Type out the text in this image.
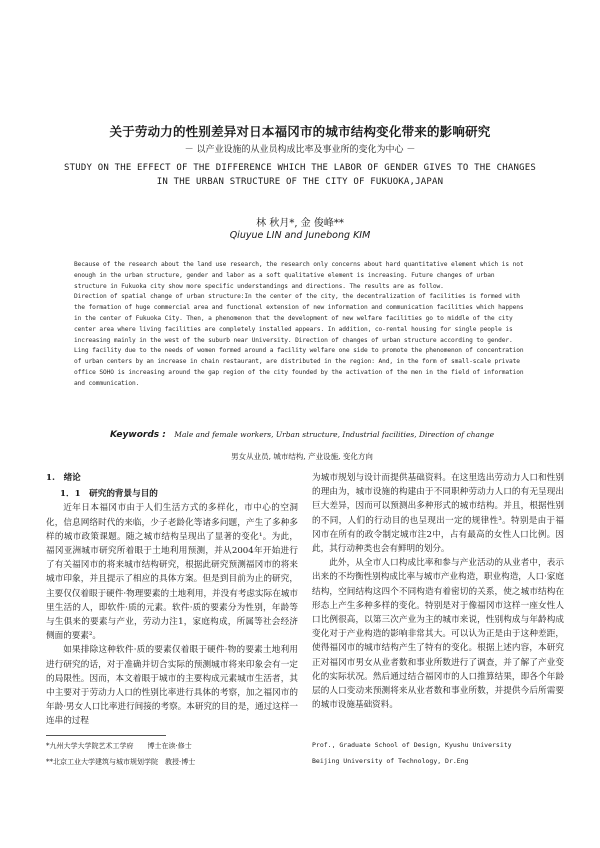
关于劳动力的性别差异对日本福冈市的城市结构变化带来的影响研究
－ 以产业设施的从业员构成比率及事业所的变化为中心 －
STUDY ON THE EFFECT OF THE DIFFERENCE WHICH THE LABOR OF GENDER GIVES TO THE CHANGES
IN THE URBAN STRUCTURE OF THE CITY OF FUKUOKA,JAPAN
林 秋月*, 金 俊峰**
Qiuyue LIN and Junebong KIM

Because of the research about the land use research, the research only concerns about hard quantitative element which is not enough in the urban structure, gender and labor as a soft qualitative element is increasing. Future changes of urban structure in Fukuoka city show more specific understandings and directions. The results are as follow.

Direction of spatial change of urban structure:In the center of the city, the decentralization of facilities is formed with the formation of huge commercial area and functional extension of new information and communication facilities which happens in the center of Fukuoka City. Then, a phenomenon that the development of new welfare facilities go to middle of the city center area where living facilities are completely installed appears. In addition, co-rental housing for single people is increasing mainly in the west of the suburb near University. Direction of changes of urban structure according to gender. Ling facility due to the needs of women formed around a facility welfare one side to promote the phenomenon of concentration of urban centers by an increase in chain restaurant, are distributed in the region: And, in the form of small-scale private office SOHO is increasing around the gap region of the city founded by the activation of the men in the field of information and communication.

Keywords : Male and female workers, Urban structure, Industrial facilities, Direction of change
男女从业员, 城市结构, 产业设施, 变化方向

1.　绪论

1．1　研究的背景与目的

近年日本福冈市由于人们生活方式的多样化，市中心的空洞化，信息网络时代的来临，少子老龄化等诸多问题，产生了多种多样的城市政策课题。随之城市结构呈现出了显著的变化¹。为此，福冈亚洲城市研究所着眼于土地利用预测，并从2004年开始进行了有关福冈市的将来城市结构研究，根据此研究预测福冈市的将来城市印象，并且提示了相应的具体方案。但是到目前为止的研究，主要仅仅着眼于硬件·物理要素的土地利用，并没有考虑实际在城市里生活的人，即软件·质的元素。软件·质的要素分为性别，年龄等与生俱来的要素与产业，劳动力注1，家庭构成，所属等社会经济侧面的要素²。

如果排除这种软件·质的要素仅着眼于硬件·物的要素土地利用进行研究的话，对于准确并切合实际的预测城市将来印象会有一定的局限性。因而，本文着眼于城市的主要构成元素城市生活者，其中主要对于劳动力人口的性别比率进行具体的考察，加之福冈市的年龄·男女人口比率进行间接的考察。本研究的目的是，通过这样一连串的过程

为城市规划与设计而提供基础资料。在这里选出劳动力人口和性别的理由为，城市设施的构建由于不同职种劳动力人口的有无呈现出巨大差异，因而可以预测出多种形式的城市结构。并且，根据性别的不同，人们的行动目的也呈现出一定的规律性³。特别是由于福冈市在所有的政令制定城市注2中，占有最高的女性人口比例。因此，其行动种类也会有鲜明的划分。

此外，从全市人口构成比率和参与产业活动的从业者中，表示出来的不均衡性别构成比率与城市产业构造，职业构造，人口·家庭结构，空间结构这四个不同构造有着密切的关系，使之城市结构在形态上产生多种多样的变化。特别是对于像福冈市这样一座女性人口比例很高，以第三次产业为主的城市来说，性别构成与年龄构成变化对于产业构造的影响非常其大。可以认为正是由于这种差距，使得福冈市的城市结构产生了特有的变化。根据上述内容，本研究正对福冈市男女从业者数和事业所数进行了调查，并了解了产业变化的实际状况。然后通过结合福冈市的人口推算结果，即各个年龄层的人口变动来预测将来从业者数和事业所数，并提供今后所需要的城市设施基础资料。

*九州大学大学院艺术工学府　　博士在读·修士
**北京工业大学建筑与城市规划学院　教授·博士
Prof., Graduate School of Design, Kyushu University
Beijing University of Technology, Dr.Eng
